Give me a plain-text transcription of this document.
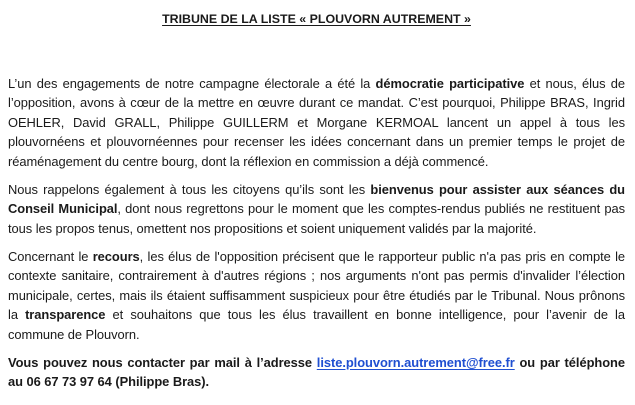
TRIBUNE DE LA LISTE « PLOUVORN AUTREMENT »

L’un des engagements de notre campagne électorale a été la démocratie participative et nous, élus de l’opposition, avons à cœur de la mettre en œuvre durant ce mandat. C’est pourquoi, Philippe BRAS, Ingrid OEHLER, David GRALL, Philippe GUILLERM et Morgane KERMOAL lancent un appel à tous les plouvornéens et plouvornéennes pour recenser les idées concernant dans un premier temps le projet de réaménagement du centre bourg, dont la réflexion en commission a déjà commencé.

Nous rappelons également à tous les citoyens qu’ils sont les bienvenus pour assister aux séances du Conseil Municipal, dont nous regrettons pour le moment que les comptes-rendus publiés ne restituent pas tous les propos tenus, omettent nos propositions et soient uniquement validés par la majorité.

Concernant le recours, les élus de l'opposition précisent que le rapporteur public n'a pas pris en compte le contexte sanitaire, contrairement à d'autres régions ; nos arguments n'ont pas permis d'invalider l’élection municipale, certes, mais ils étaient suffisamment suspicieux pour être étudiés par le Tribunal. Nous prônons la transparence et souhaitons que tous les élus travaillent en bonne intelligence, pour l’avenir de la commune de Plouvorn.

Vous pouvez nous contacter par mail à l’adresse liste.plouvorn.autrement@free.fr ou par téléphone au 06 67 73 97 64 (Philippe Bras).
